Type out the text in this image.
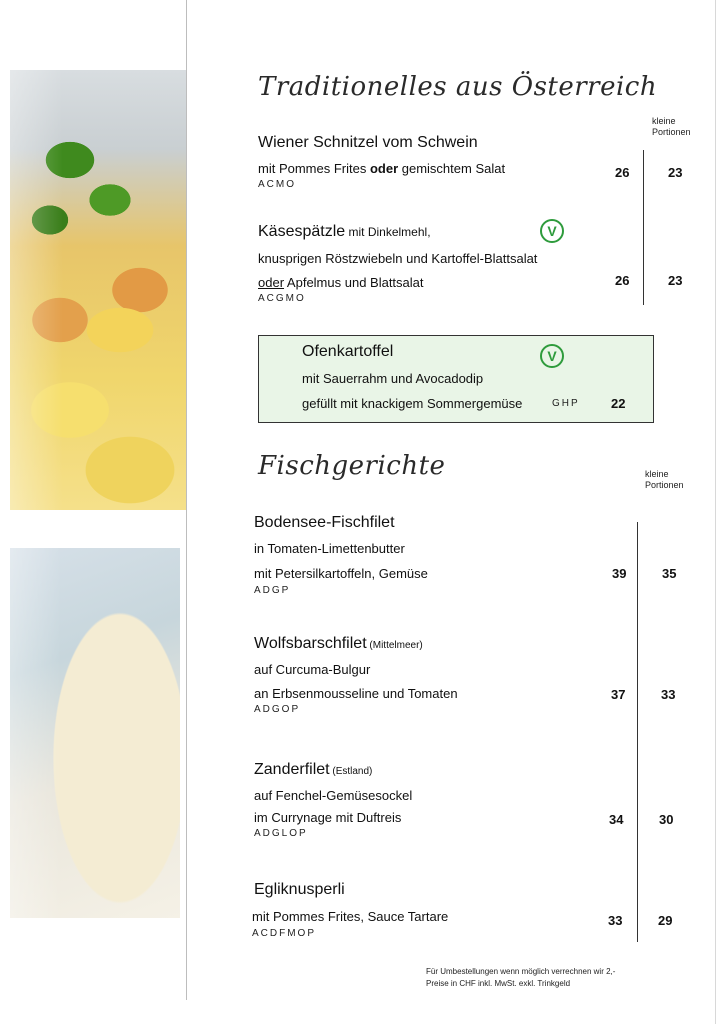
Traditionelles aus Österreich
kleine
Portionen
Wiener Schnitzel vom Schwein
mit Pommes Frites oder gemischtem Salat
ACMO
26	23
Käsespätzle mit Dinkelmehl,	V
knusprigen Röstzwiebeln und Kartoffel-Blattsalat
oder Apfelmus und Blattsalat
ACGMO
26	23
Ofenkartoffel	V
mit Sauerrahm und Avocadodip
gefüllt mit knackigem Sommergemüse	GHP 22
Fischgerichte	kleine
Portionen
Bodensee-Fischfilet
in Tomaten-Limettenbutter
mit Petersilkartoffeln, Gemüse
ADGP
39	35
Wolfsbarschfilet (Mittelmeer)
auf Curcuma-Bulgur
an Erbsenmousseline und Tomaten
ADGOP
37	33
Zanderfilet (Estland)
auf Fenchel-Gemüsesockel
im Currynage mit Duftreis
ADGLOP
34	30
Egliknusperli
mit Pommes Frites, Sauce Tartare
ACDFMOP
33	29
Für Umbestellungen wenn möglich verrechnen wir 2,-
Preise in CHF inkl. MwSt. exkl. Trinkgeld
